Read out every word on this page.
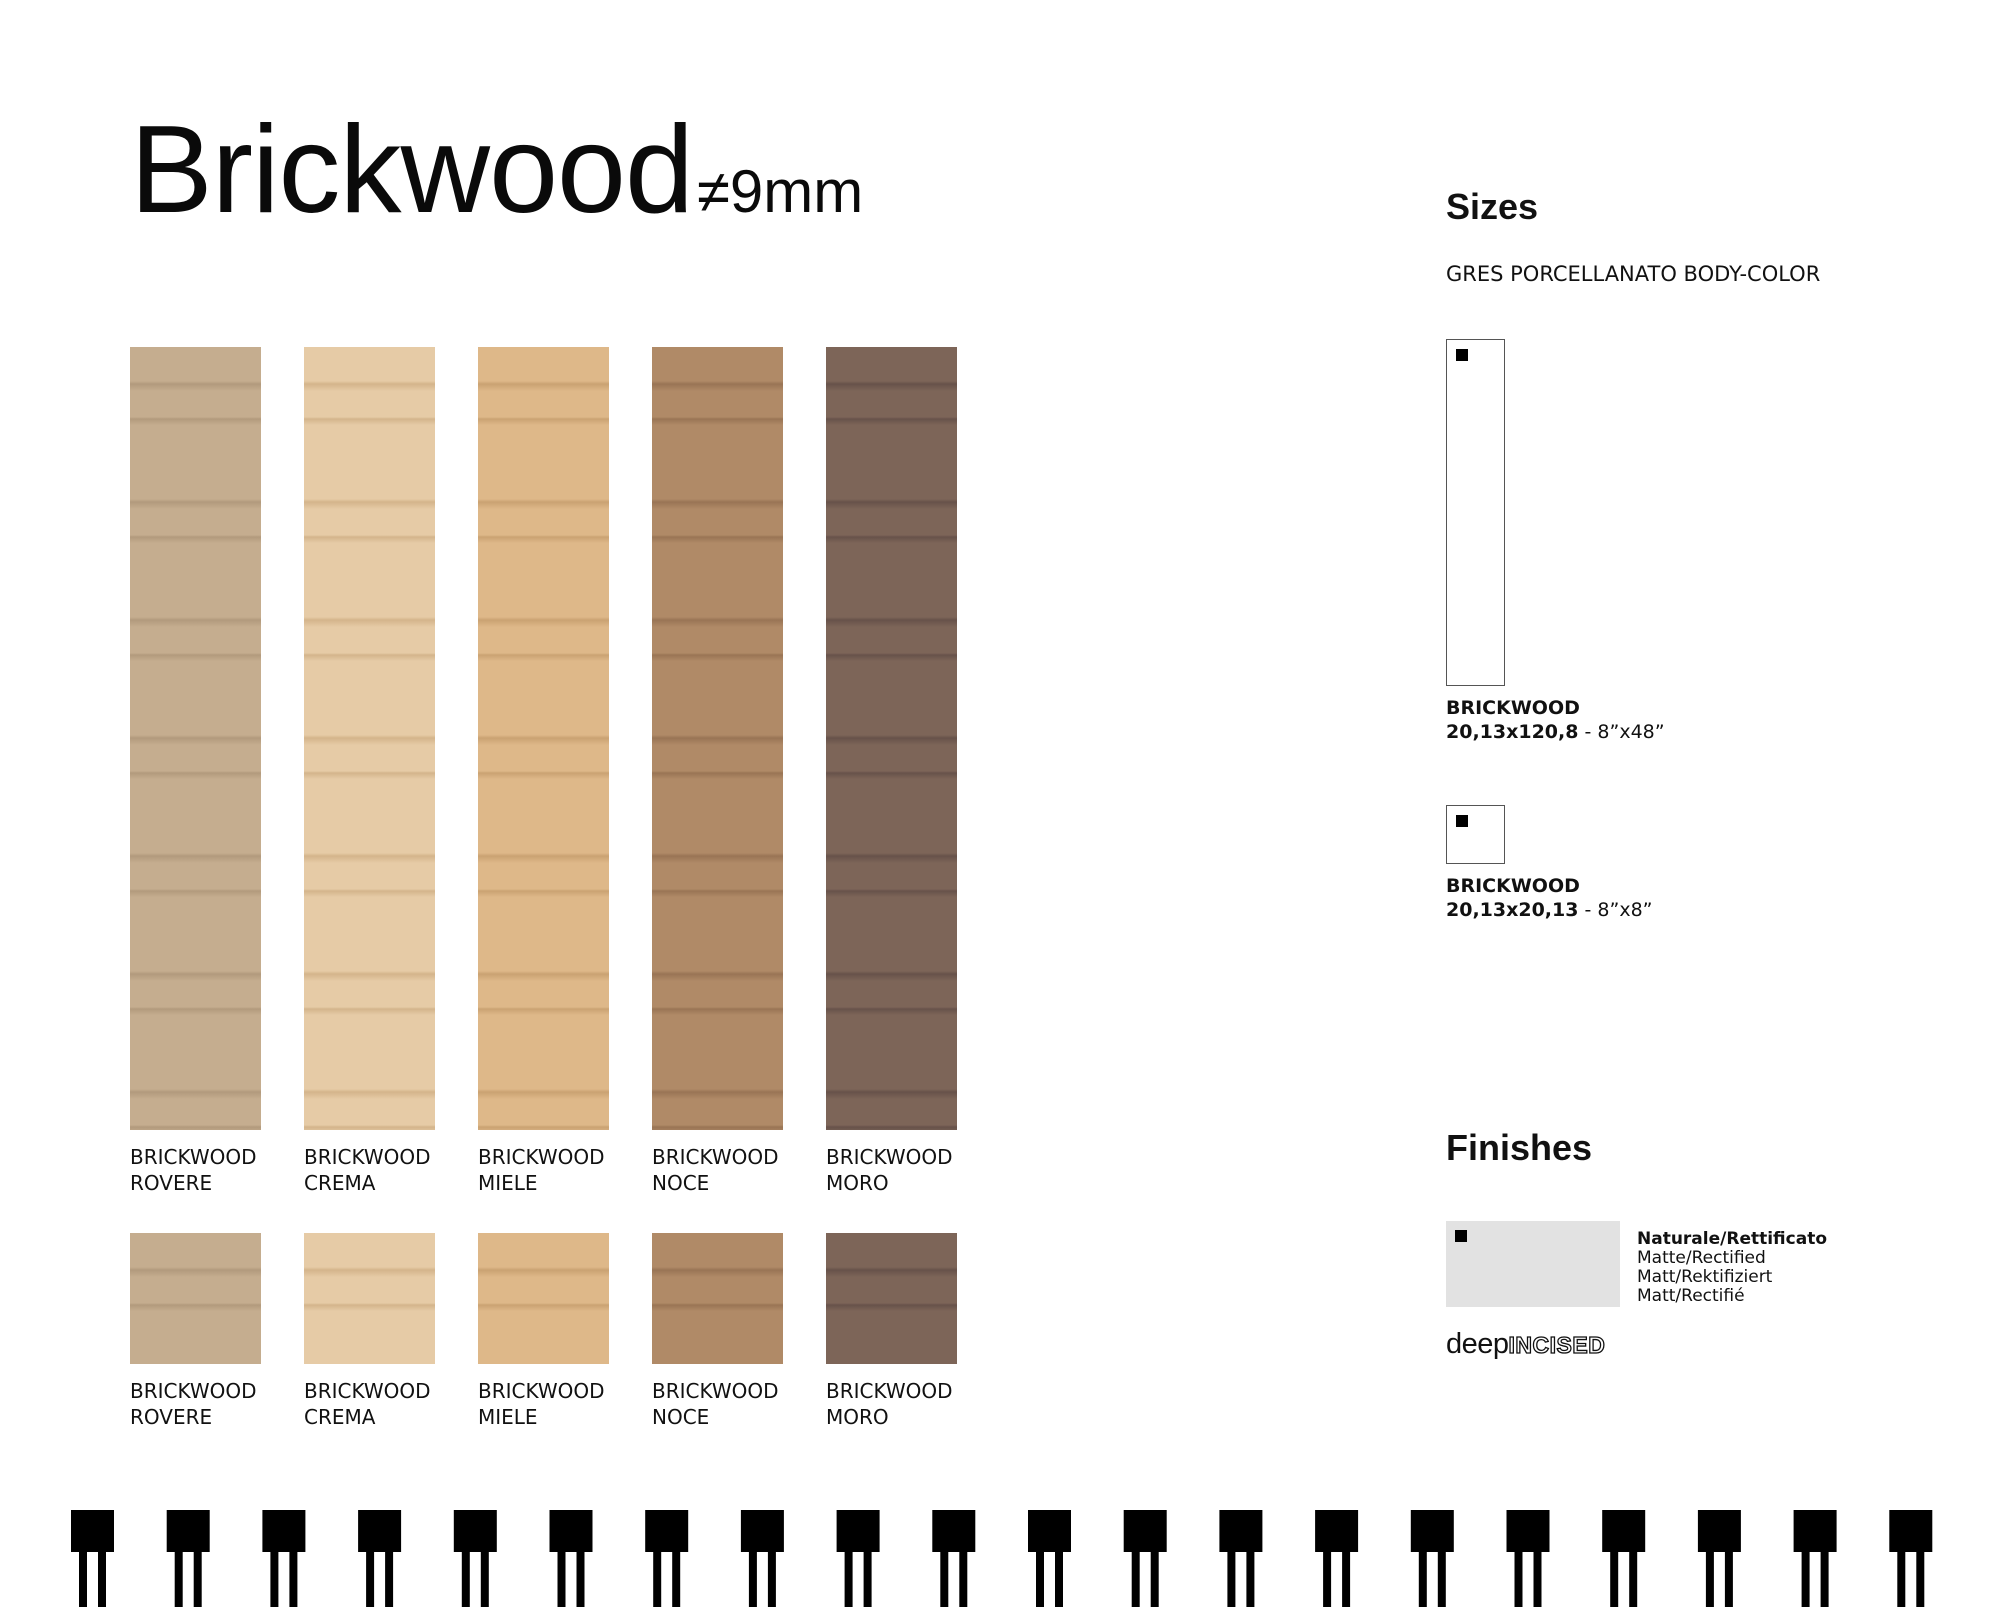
Brickwood≠9mm
BRICKWOOD
ROVERE
BRICKWOOD
CREMA
BRICKWOOD
MIELE
BRICKWOOD
NOCE
BRICKWOOD
MORO
BRICKWOOD
ROVERE
BRICKWOOD
CREMA
BRICKWOOD
MIELE
BRICKWOOD
NOCE
BRICKWOOD
MORO
Sizes
GRES PORCELLANATO BODY-COLOR
BRICKWOOD
20,13x120,8 - 8”x48”
BRICKWOOD
20,13x20,13 - 8”x8”
Finishes
Naturale/Rettificato
Matte/Rectified
Matt/Rektifiziert
Matt/Rectifié
deepINCISED
